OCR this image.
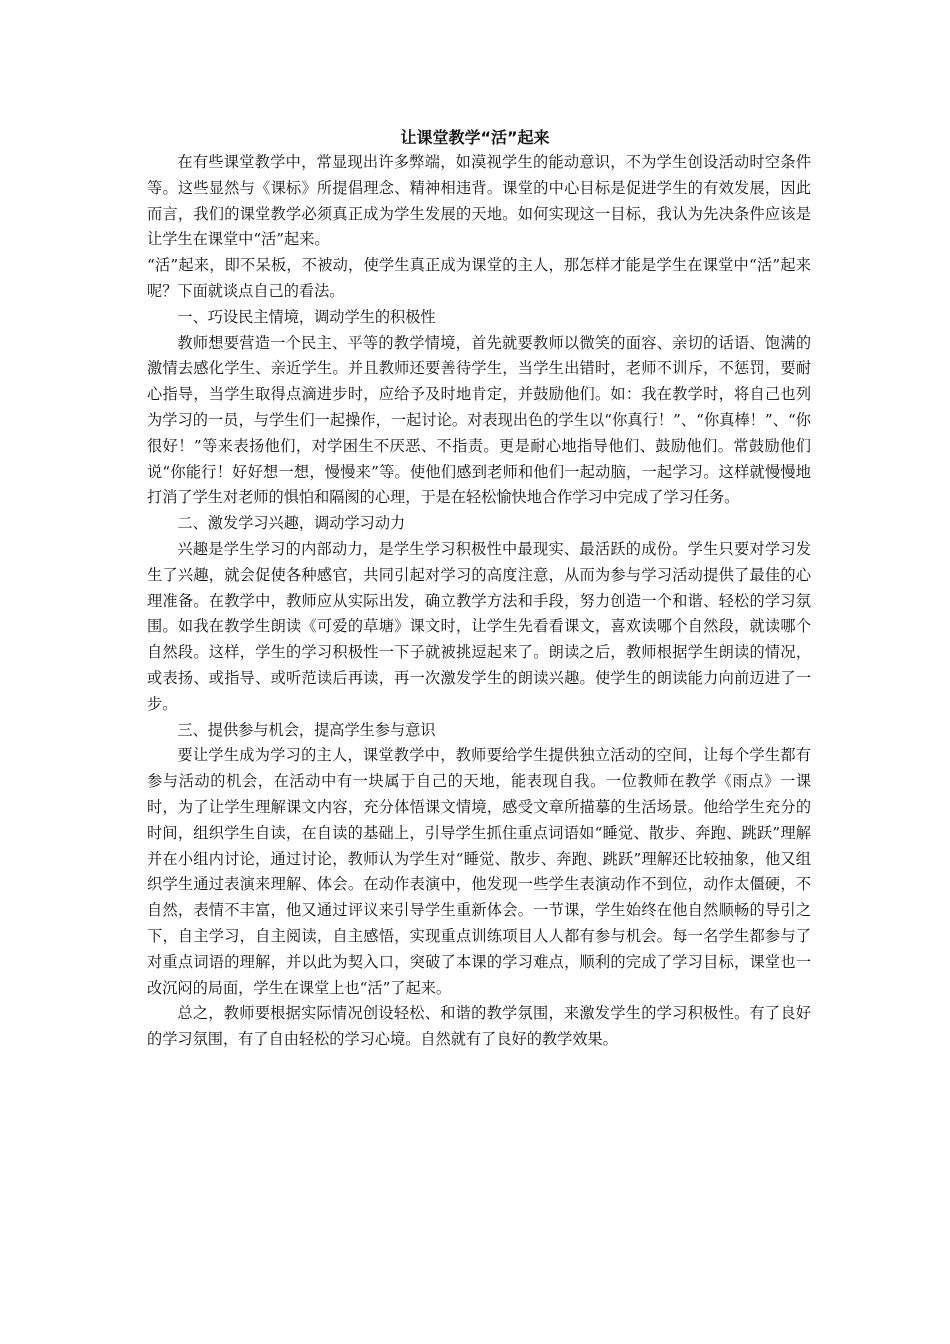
让课堂教学“活”起来

在有些课堂教学中，常显现出许多弊端，如漠视学生的能动意识，不为学生创设活动时空条件等。这些显然与《课标》所提倡理念、精神相违背。课堂的中心目标是促进学生的有效发展，因此而言，我们的课堂教学必须真正成为学生发展的天地。如何实现这一目标，我认为先决条件应该是让学生在课堂中“活”起来。

“活”起来，即不呆板，不被动，使学生真正成为课堂的主人，那怎样才能是学生在课堂中“活”起来呢？下面就谈点自己的看法。

一、巧设民主情境，调动学生的积极性

教师想要营造一个民主、平等的教学情境，首先就要教师以微笑的面容、亲切的话语、饱满的激情去感化学生、亲近学生。并且教师还要善待学生，当学生出错时，老师不训斥，不惩罚，要耐心指导，当学生取得点滴进步时，应给予及时地肯定，并鼓励他们。如：我在教学时，将自己也列为学习的一员，与学生们一起操作，一起讨论。对表现出色的学生以“你真行！”、“你真棒！”、“你很好！”等来表扬他们，对学困生不厌恶、不指责。更是耐心地指导他们、鼓励他们。常鼓励他们说“你能行！好好想一想，慢慢来”等。使他们感到老师和他们一起动脑，一起学习。这样就慢慢地打消了学生对老师的惧怕和隔阂的心理，于是在轻松愉快地合作学习中完成了学习任务。

二、激发学习兴趣，调动学习动力

兴趣是学生学习的内部动力，是学生学习积极性中最现实、最活跃的成份。学生只要对学习发生了兴趣，就会促使各种感官，共同引起对学习的高度注意，从而为参与学习活动提供了最佳的心理准备。在教学中，教师应从实际出发，确立教学方法和手段，努力创造一个和谐、轻松的学习氛围。如我在教学生朗读《可爱的草塘》课文时，让学生先看看课文，喜欢读哪个自然段，就读哪个自然段。这样，学生的学习积极性一下子就被挑逗起来了。朗读之后，教师根据学生朗读的情况，或表扬、或指导、或听范读后再读，再一次激发学生的朗读兴趣。使学生的朗读能力向前迈进了一步。

三、提供参与机会，提高学生参与意识

要让学生成为学习的主人，课堂教学中，教师要给学生提供独立活动的空间，让每个学生都有参与活动的机会，在活动中有一块属于自己的天地，能表现自我。一位教师在教学《雨点》一课时，为了让学生理解课文内容，充分体悟课文情境，感受文章所描摹的生活场景。他给学生充分的时间，组织学生自读，在自读的基础上，引导学生抓住重点词语如“睡觉、散步、奔跑、跳跃”理解并在小组内讨论，通过讨论，教师认为学生对“睡觉、散步、奔跑、跳跃”理解还比较抽象，他又组织学生通过表演来理解、体会。在动作表演中，他发现一些学生表演动作不到位，动作太僵硬，不自然，表情不丰富，他又通过评议来引导学生重新体会。一节课，学生始终在他自然顺畅的导引之下，自主学习，自主阅读，自主感悟，实现重点训练项目人人都有参与机会。每一名学生都参与了对重点词语的理解，并以此为契入口，突破了本课的学习难点，顺利的完成了学习目标，课堂也一改沉闷的局面，学生在课堂上也“活”了起来。

总之，教师要根据实际情况创设轻松、和谐的教学氛围，来激发学生的学习积极性。有了良好的学习氛围，有了自由轻松的学习心境。自然就有了良好的教学效果。
